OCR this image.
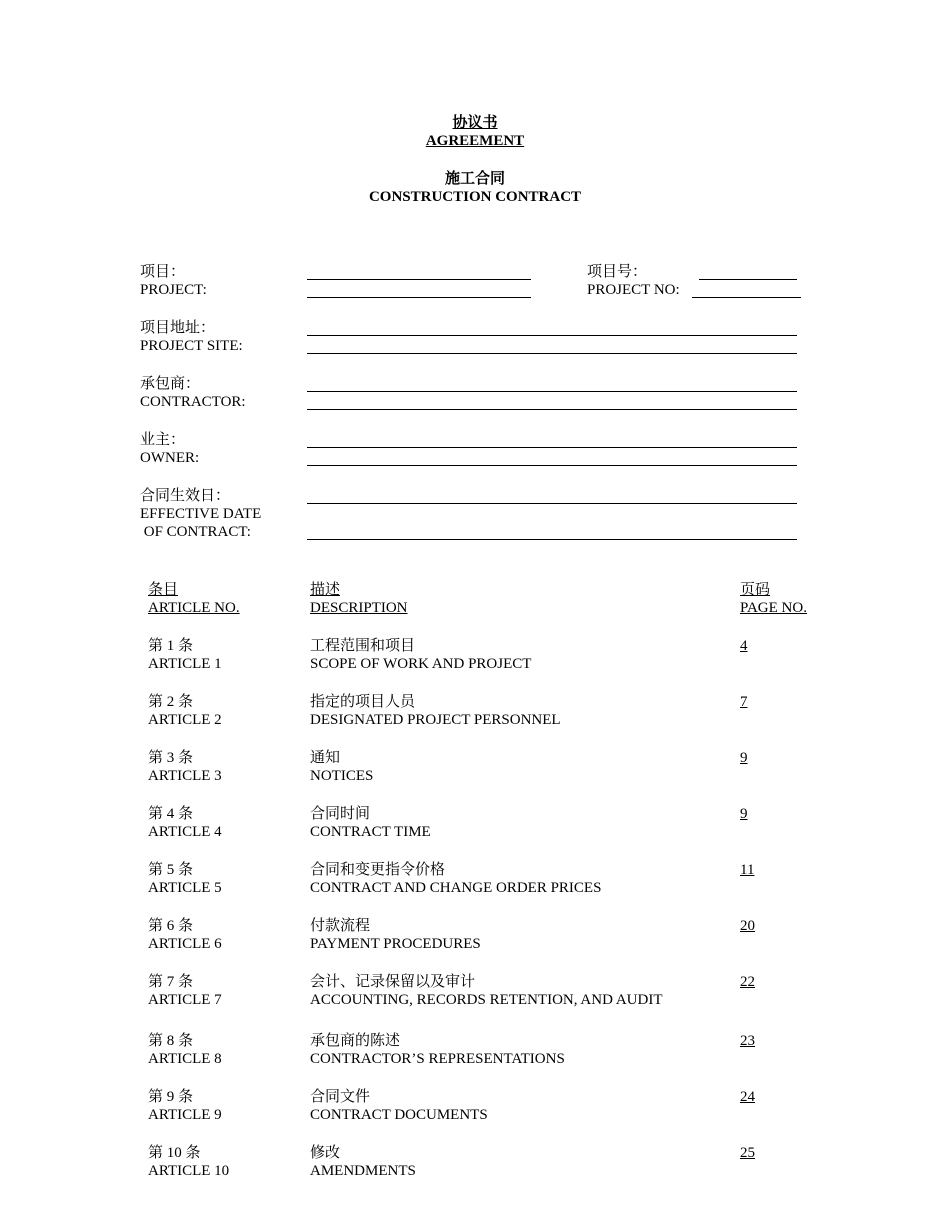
协议书
AGREEMENT
施工合同
CONSTRUCTION CONTRACT
项目：
PROJECT:
项目号：
PROJECT NO:
项目地址：
PROJECT SITE:
承包商：
CONTRACTOR:
业主：
OWNER:
合同生效日：
EFFECTIVE DATE
OF CONTRACT:
条目
ARTICLE NO.
描述
DESCRIPTION
页码
PAGE NO.
第 1 条
ARTICLE 1
工程范围和项目
SCOPE OF WORK AND PROJECT
4
第 2 条
ARTICLE 2
指定的项目人员
DESIGNATED PROJECT PERSONNEL
7
第 3 条
ARTICLE 3
通知
NOTICES
9
第 4 条
ARTICLE 4
合同时间
CONTRACT TIME
9
第 5 条
ARTICLE 5
合同和变更指令价格
CONTRACT AND CHANGE ORDER PRICES
11
第 6 条
ARTICLE 6
付款流程
PAYMENT PROCEDURES
20
第 7 条
ARTICLE 7
会计、记录保留以及审计
ACCOUNTING, RECORDS RETENTION, AND AUDIT
22
第 8 条
ARTICLE 8
承包商的陈述
CONTRACTOR’S REPRESENTATIONS
23
第 9 条
ARTICLE 9
合同文件
CONTRACT DOCUMENTS
24
第 10 条
ARTICLE 10
修改
AMENDMENTS
25
